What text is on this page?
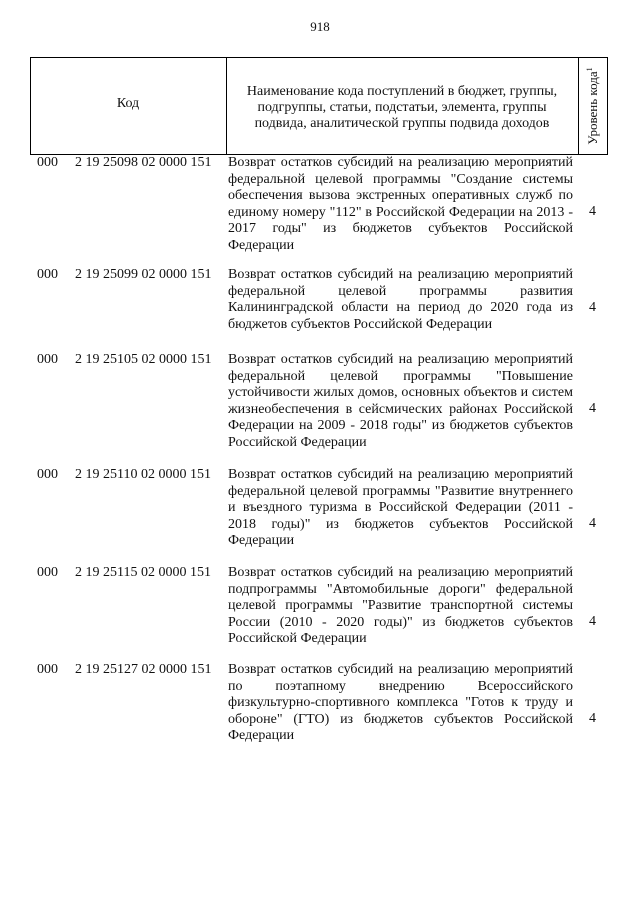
918
Код
Наименование кода поступлений в бюджет, группы, подгруппы, статьи, подстатьи, элемента, группы подвида, аналитической группы подвида доходов	Уровень кода$^1$
000 2 19 25098 02 0000 151 Возврат остатков субсидий на реализацию мероприятий федеральной целевой программы "Создание системы обеспечения вызова экстренных оперативных служб по единому номеру "112" в Российской Федерации на 2013 - 2017 годы" из бюджетов субъектов Российской Федерации
4
000 2 19 25099 02 0000 151 Возврат остатков субсидий на реализацию мероприятий федеральной целевой программы развития Калининградской области на период до 2020 года из бюджетов субъектов Российской Федерации
4
000 2 19 25105 02 0000 151 Возврат остатков субсидий на реализацию мероприятий федеральной целевой программы "Повышение устойчивости жилых домов, основных объектов и систем жизнеобеспечения в сейсмических районах Российской Федерации на 2009 - 2018 годы" из бюджетов субъектов Российской Федерации
4
000 2 19 25110 02 0000 151 Возврат остатков субсидий на реализацию мероприятий федеральной целевой программы "Развитие внутреннего и въездного туризма в Российской Федерации (2011 - 2018 годы)" из бюджетов субъектов Российской Федерации
4
000 2 19 25115 02 0000 151 Возврат остатков субсидий на реализацию мероприятий подпрограммы "Автомобильные дороги" федеральной целевой программы "Развитие транспортной системы России (2010 - 2020 годы)" из бюджетов субъектов Российской Федерации
4
000 2 19 25127 02 0000 151 Возврат остатков субсидий на реализацию мероприятий по поэтапному внедрению Всероссийского физкультурно-спортивного комплекса "Готов к труду и обороне" (ГТО) из бюджетов субъектов Российской Федерации
4
